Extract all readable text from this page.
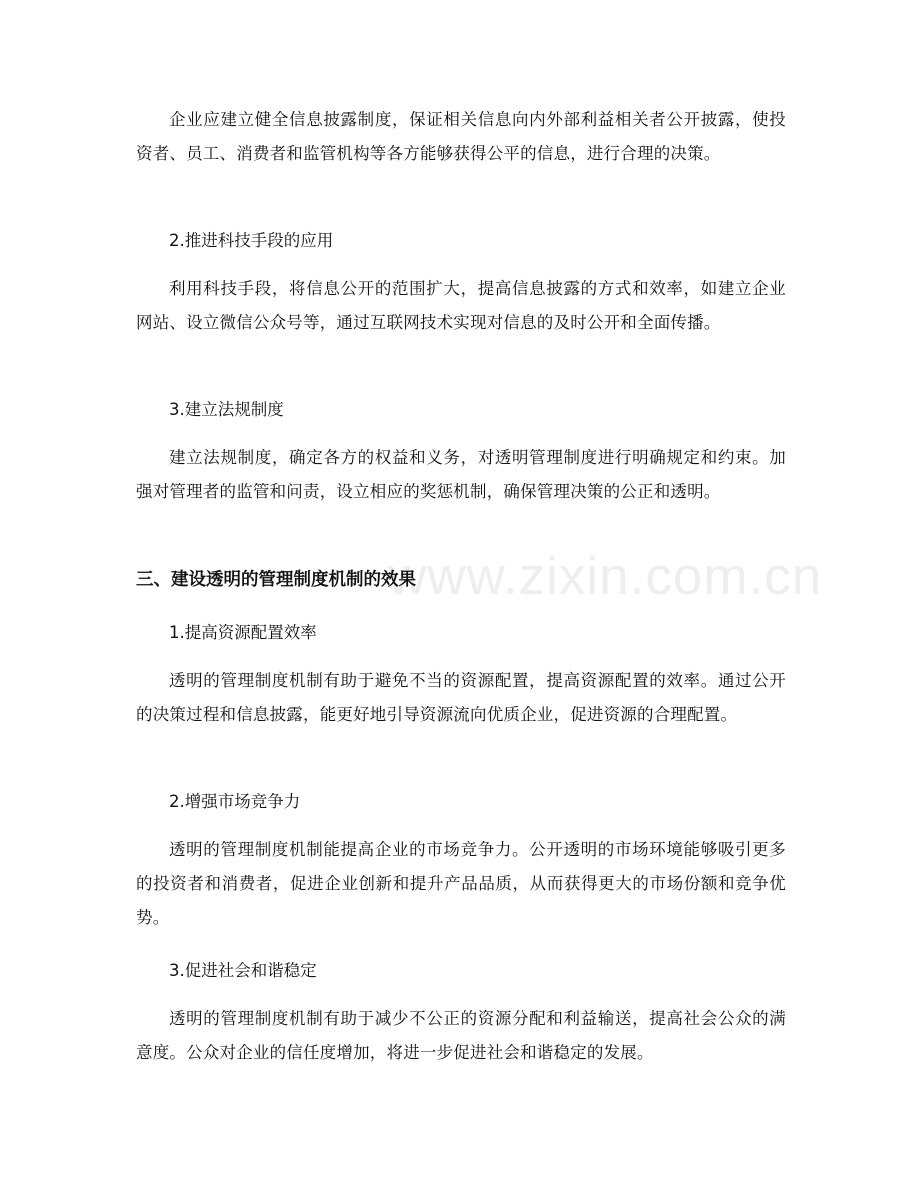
www.zixin.com.cn

企业应建立健全信息披露制度，保证相关信息向内外部利益相关者公开披露，使投资者、员工、消费者和监管机构等各方能够获得公平的信息，进行合理的决策。

2.推进科技手段的应用

利用科技手段，将信息公开的范围扩大，提高信息披露的方式和效率，如建立企业网站、设立微信公众号等，通过互联网技术实现对信息的及时公开和全面传播。

3.建立法规制度

建立法规制度，确定各方的权益和义务，对透明管理制度进行明确规定和约束。加强对管理者的监管和问责，设立相应的奖惩机制，确保管理决策的公正和透明。

三、建设透明的管理制度机制的效果

1.提高资源配置效率

透明的管理制度机制有助于避免不当的资源配置，提高资源配置的效率。通过公开的决策过程和信息披露，能更好地引导资源流向优质企业，促进资源的合理配置。

2.增强市场竞争力

透明的管理制度机制能提高企业的市场竞争力。公开透明的市场环境能够吸引更多的投资者和消费者，促进企业创新和提升产品品质，从而获得更大的市场份额和竞争优势。

3.促进社会和谐稳定

透明的管理制度机制有助于减少不公正的资源分配和利益输送，提高社会公众的满意度。公众对企业的信任度增加，将进一步促进社会和谐稳定的发展。
